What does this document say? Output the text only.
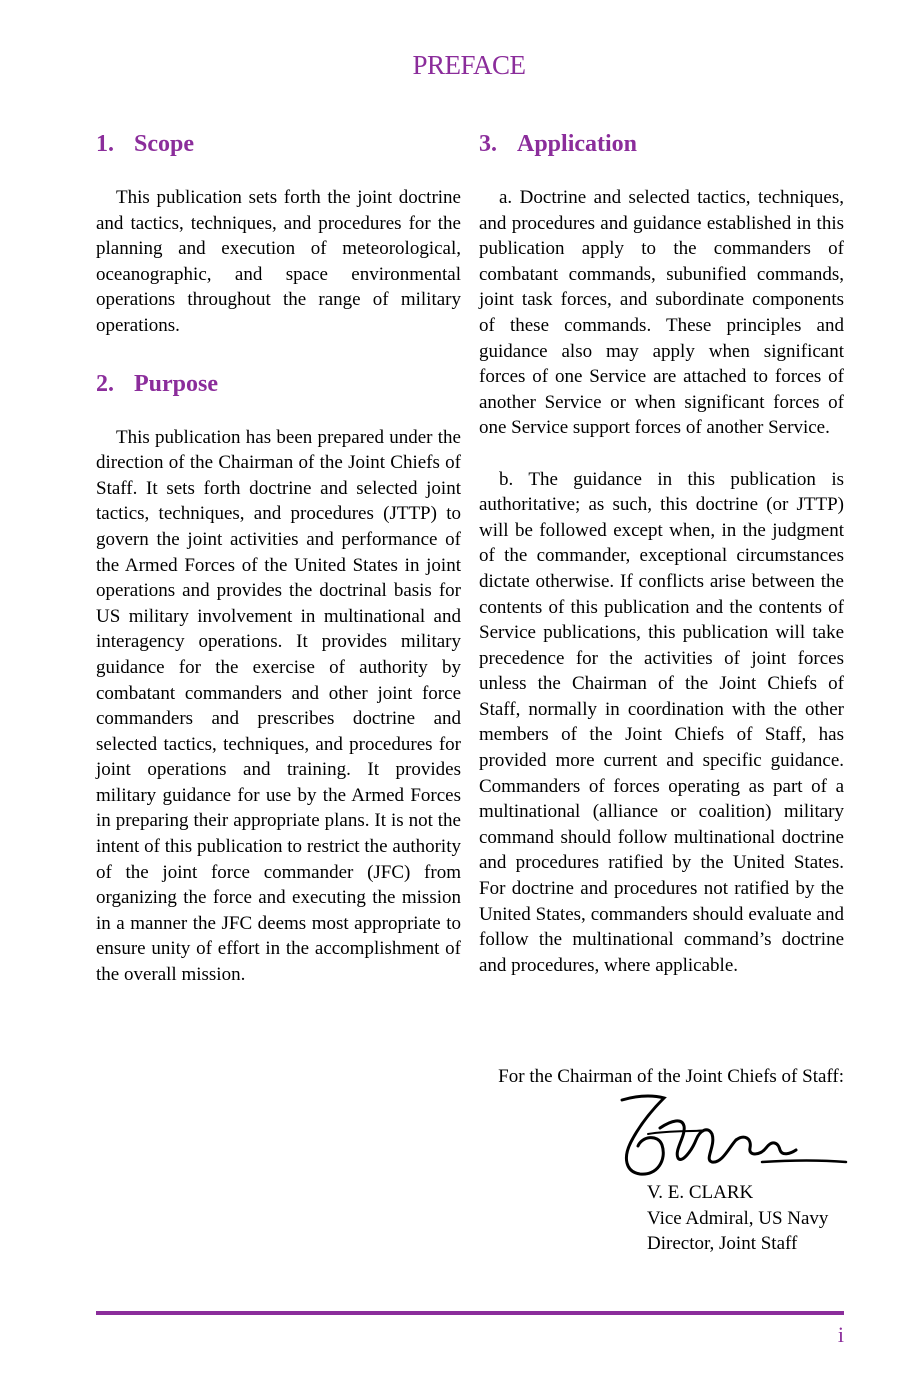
PREFACE
1. Scope

This publication sets forth the joint doctrine and tactics, techniques, and procedures for the planning and execution of meteorological, oceanographic, and space environmental operations throughout the range of military operations.

2. Purpose

This publication has been prepared under the direction of the Chairman of the Joint Chiefs of Staff. It sets forth doctrine and selected joint tactics, techniques, and procedures (JTTP) to govern the joint activities and performance of the Armed Forces of the United States in joint operations and provides the doctrinal basis for US military involvement in multinational and interagency operations. It provides military guidance for the exercise of authority by combatant commanders and other joint force commanders and prescribes doctrine and selected tactics, techniques, and procedures for joint operations and training. It provides military guidance for use by the Armed Forces in preparing their appropriate plans. It is not the intent of this publication to restrict the authority of the joint force commander (JFC) from organizing the force and executing the mission in a manner the JFC deems most appropriate to ensure unity of effort in the accomplishment of the overall mission.

3. Application

a. Doctrine and selected tactics, techniques, and procedures and guidance established in this publication apply to the commanders of combatant commands, subunified commands, joint task forces, and subordinate components of these commands. These principles and guidance also may apply when significant forces of one Service are attached to forces of another Service or when significant forces of one Service support forces of another Service.

b. The guidance in this publication is authoritative; as such, this doctrine (or JTTP) will be followed except when, in the judgment of the commander, exceptional circumstances dictate otherwise. If conflicts arise between the contents of this publication and the contents of Service publications, this publication will take precedence for the activities of joint forces unless the Chairman of the Joint Chiefs of Staff, normally in coordination with the other members of the Joint Chiefs of Staff, has provided more current and specific guidance. Commanders of forces operating as part of a multinational (alliance or coalition) military command should follow multinational doctrine and procedures ratified by the United States. For doctrine and procedures not ratified by the United States, commanders should evaluate and follow the multinational command’s doctrine and procedures, where applicable.

For the Chairman of the Joint Chiefs of Staff:
V. E. CLARK
Vice Admiral, US Navy
Director, Joint Staff
i
